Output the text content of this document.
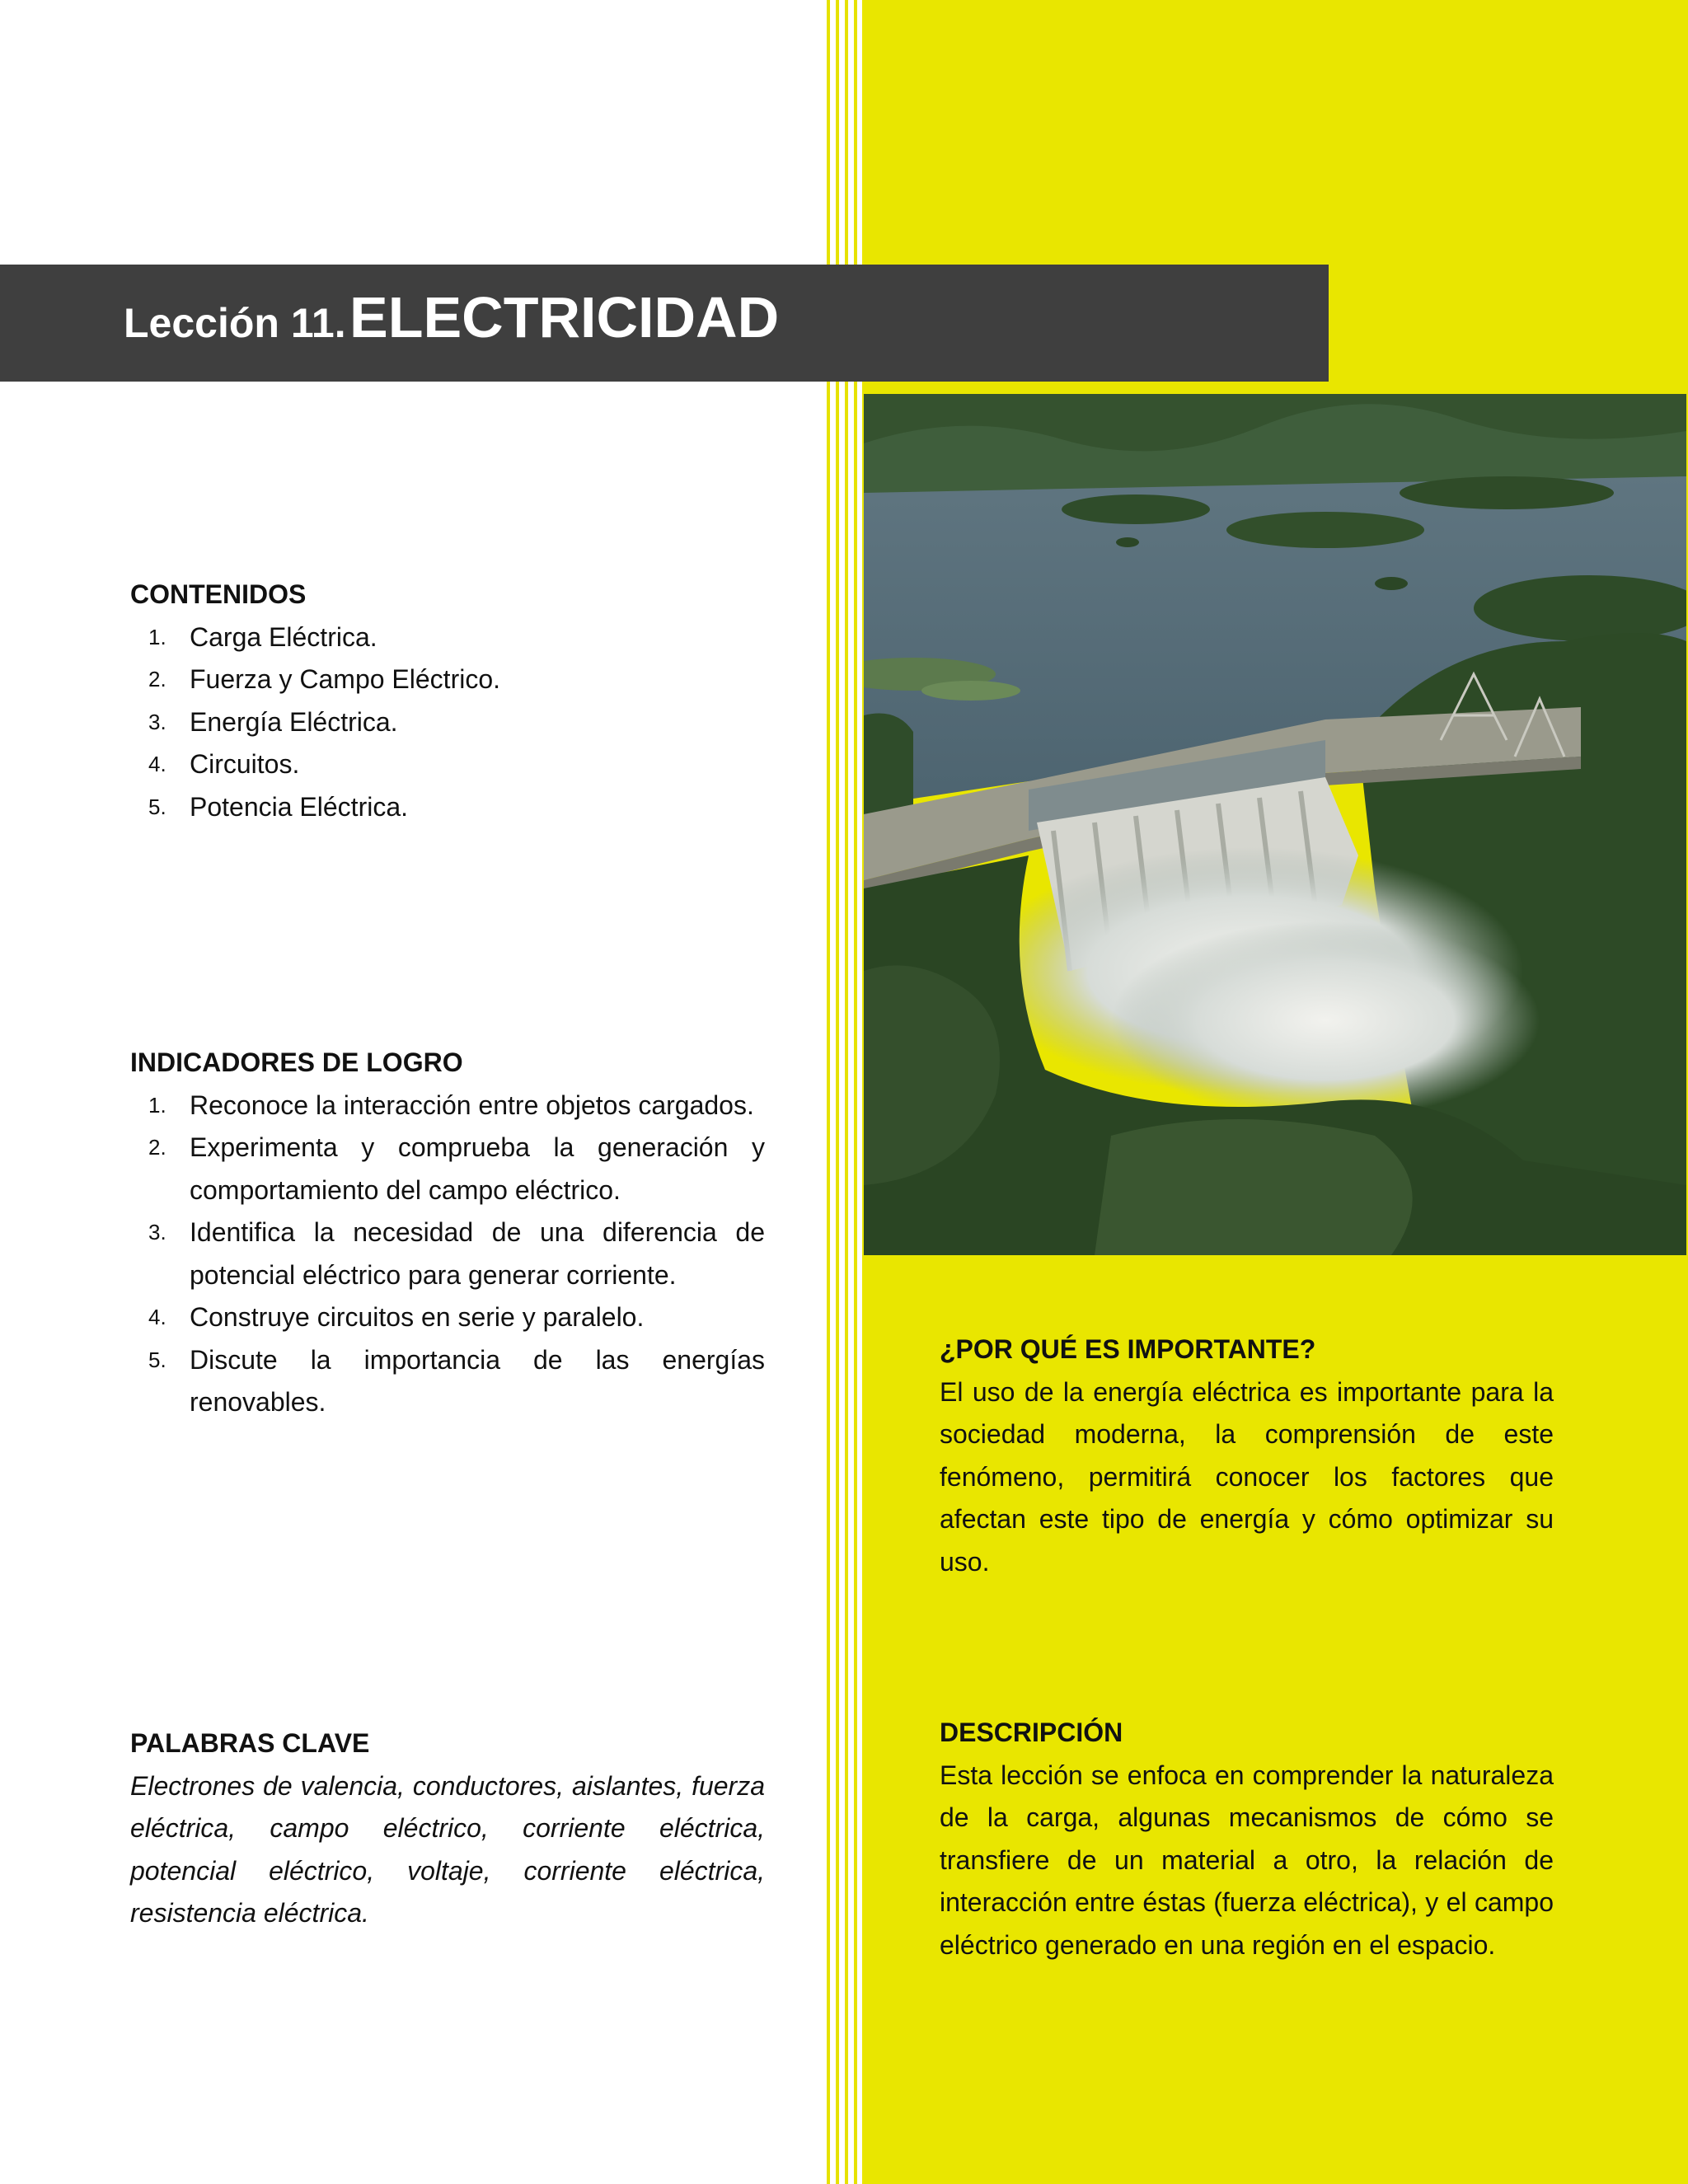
Lección 11. ELECTRICIDAD

CONTENIDOS

1. Carga Eléctrica.
2. Fuerza y Campo Eléctrico.
3. Energía Eléctrica.
4. Circuitos.
5. Potencia Eléctrica.

INDICADORES DE LOGRO

1. Reconoce la interacción entre objetos cargados.
2. Experimenta y comprueba la generación y comportamiento del campo eléctrico.
3. Identifica la necesidad de una diferencia de potencial eléctrico para generar corriente.
4. Construye circuitos en serie y paralelo.
5. Discute la importancia de las energías renovables.

PALABRAS CLAVE

Electrones de valencia, conductores, aislantes, fuerza eléctrica, campo eléctrico, corriente eléctrica, potencial eléctrico, voltaje, corriente eléctrica, resistencia eléctrica.

¿POR QUÉ ES IMPORTANTE?

El uso de la energía eléctrica es importante para la sociedad moderna, la comprensión de este fenómeno, permitirá conocer los factores que afectan este tipo de energía y cómo optimizar su uso.

DESCRIPCIÓN

Esta lección se enfoca en comprender la naturaleza de la carga, algunas mecanismos de cómo se transfiere de un material a otro, la relación de interacción entre éstas (fuerza eléctrica), y el campo eléctrico generado en una región en el espacio.
